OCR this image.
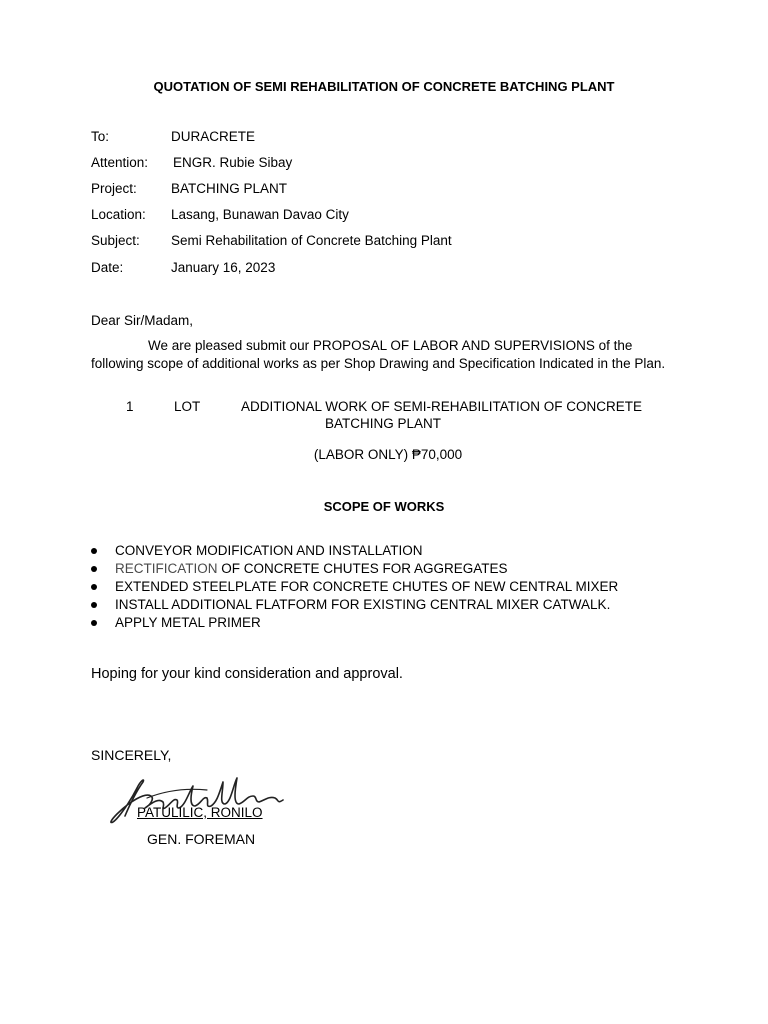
QUOTATION OF SEMI REHABILITATION OF CONCRETE BATCHING PLANT
To:	DURACRETE
Attention: ENGR. Rubie Sibay
Project:	BATCHING PLANT
Location: Lasang, Bunawan Davao City
Subject: Semi Rehabilitation of Concrete Batching Plant
Date:	January 16, 2023
Dear Sir/Madam,
We are pleased submit our PROPOSAL OF LABOR AND SUPERVISIONS of the following scope of additional works as per Shop Drawing and Specification Indicated in the Plan.
1	LOT	ADDITIONAL WORK OF SEMI-REHABILITATION OF CONCRETE
BATCHING PLANT
(LABOR ONLY) ₱70,000
SCOPE OF WORKS
CONVEYOR MODIFICATION AND INSTALLATION
RECTIFICATION OF CONCRETE CHUTES FOR AGGREGATES
EXTENDED STEELPLATE FOR CONCRETE CHUTES OF NEW CENTRAL MIXER
INSTALL ADDITIONAL FLATFORM FOR EXISTING CENTRAL MIXER CATWALK.
APPLY METAL PRIMER
Hoping for your kind consideration and approval.
SINCERELY,
PATULILIC, RONILO
GEN. FOREMAN
